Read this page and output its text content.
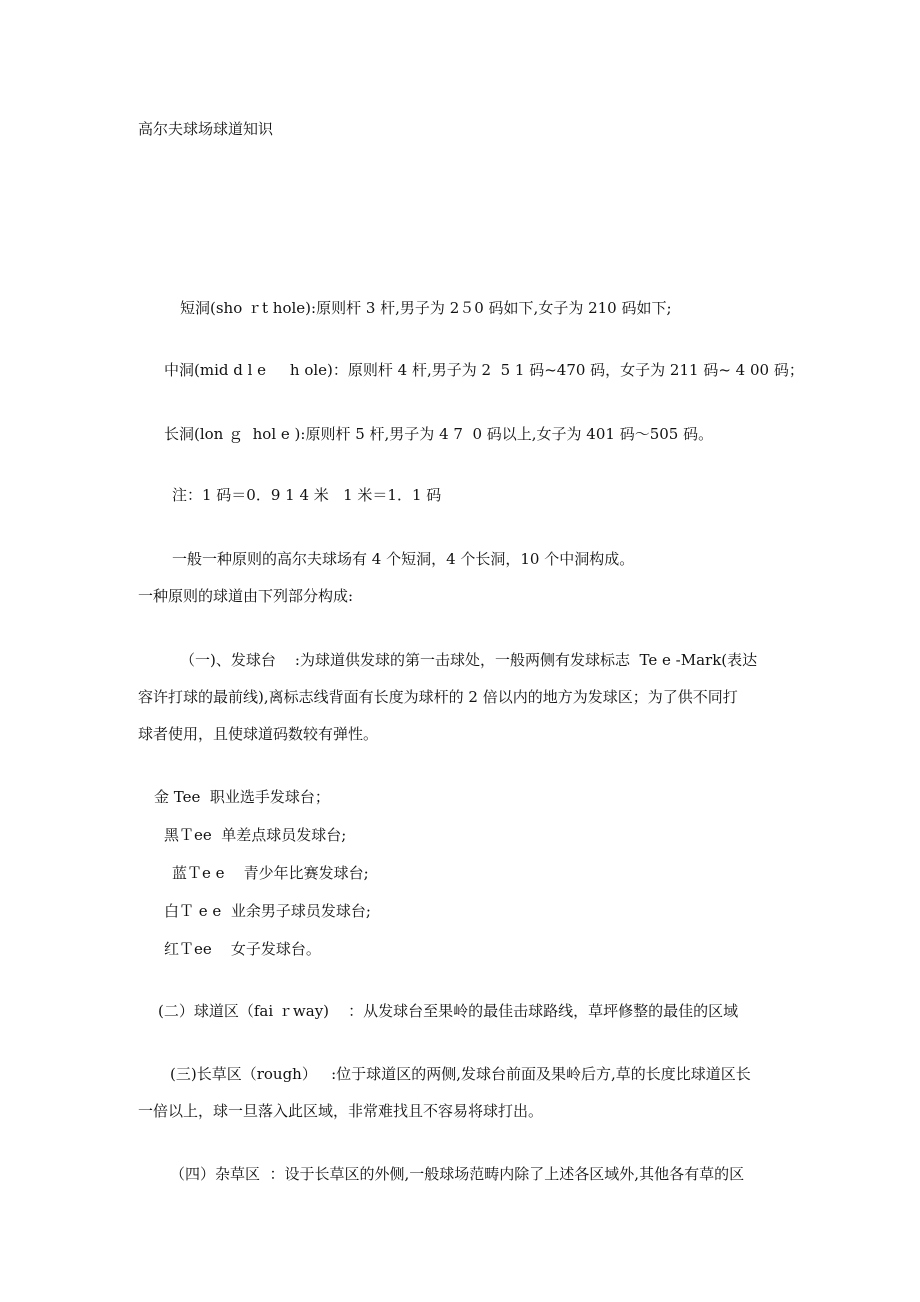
高尔夫球场球道知识
短洞(sho ｒt hole):原则杆 3 杆,男子为 2５0 码如下,女子为 210 码如下;
中洞(mid d l e     h ole)：原则杆 4 杆,男子为 2  5 1 码~470 码，女子为 211 码~ 4 00 码；
长洞(lon ｇ  hol e ):原则杆 5 杆,男子为 4 7  0 码以上,女子为 401 码～505 码。
注：1 码＝0．9 1 4 米   1 米＝1．1 码
一般一种原则的高尔夫球场有 4 个短洞，4 个长洞，10 个中洞构成。
一种原则的球道由下列部分构成:
（一)、发球台    :为球道供发球的第一击球处，一般两侧有发球标志  Te e -Mark(表达
容许打球的最前线),离标志线背面有长度为球杆的 2 倍以内的地方为发球区；为了供不同打
球者使用，且使球道码数较有弹性。
金 Tee  职业选手发球台；
黑Ｔee  单差点球员发球台;
蓝Ｔe e    青少年比赛发球台;
白Ｔ e e  业余男子球员发球台;
红Ｔee    女子发球台。
(二）球道区（fai ｒway)    ：从发球台至果岭的最佳击球路线，草坪修整的最佳的区域
(三)长草区（rough）   :位于球道区的两侧,发球台前面及果岭后方,草的长度比球道区长
一倍以上，球一旦落入此区域，非常难找且不容易将球打出。
（四）杂草区  ：设于长草区的外侧,一般球场范畴内除了上述各区域外,其他各有草的区
